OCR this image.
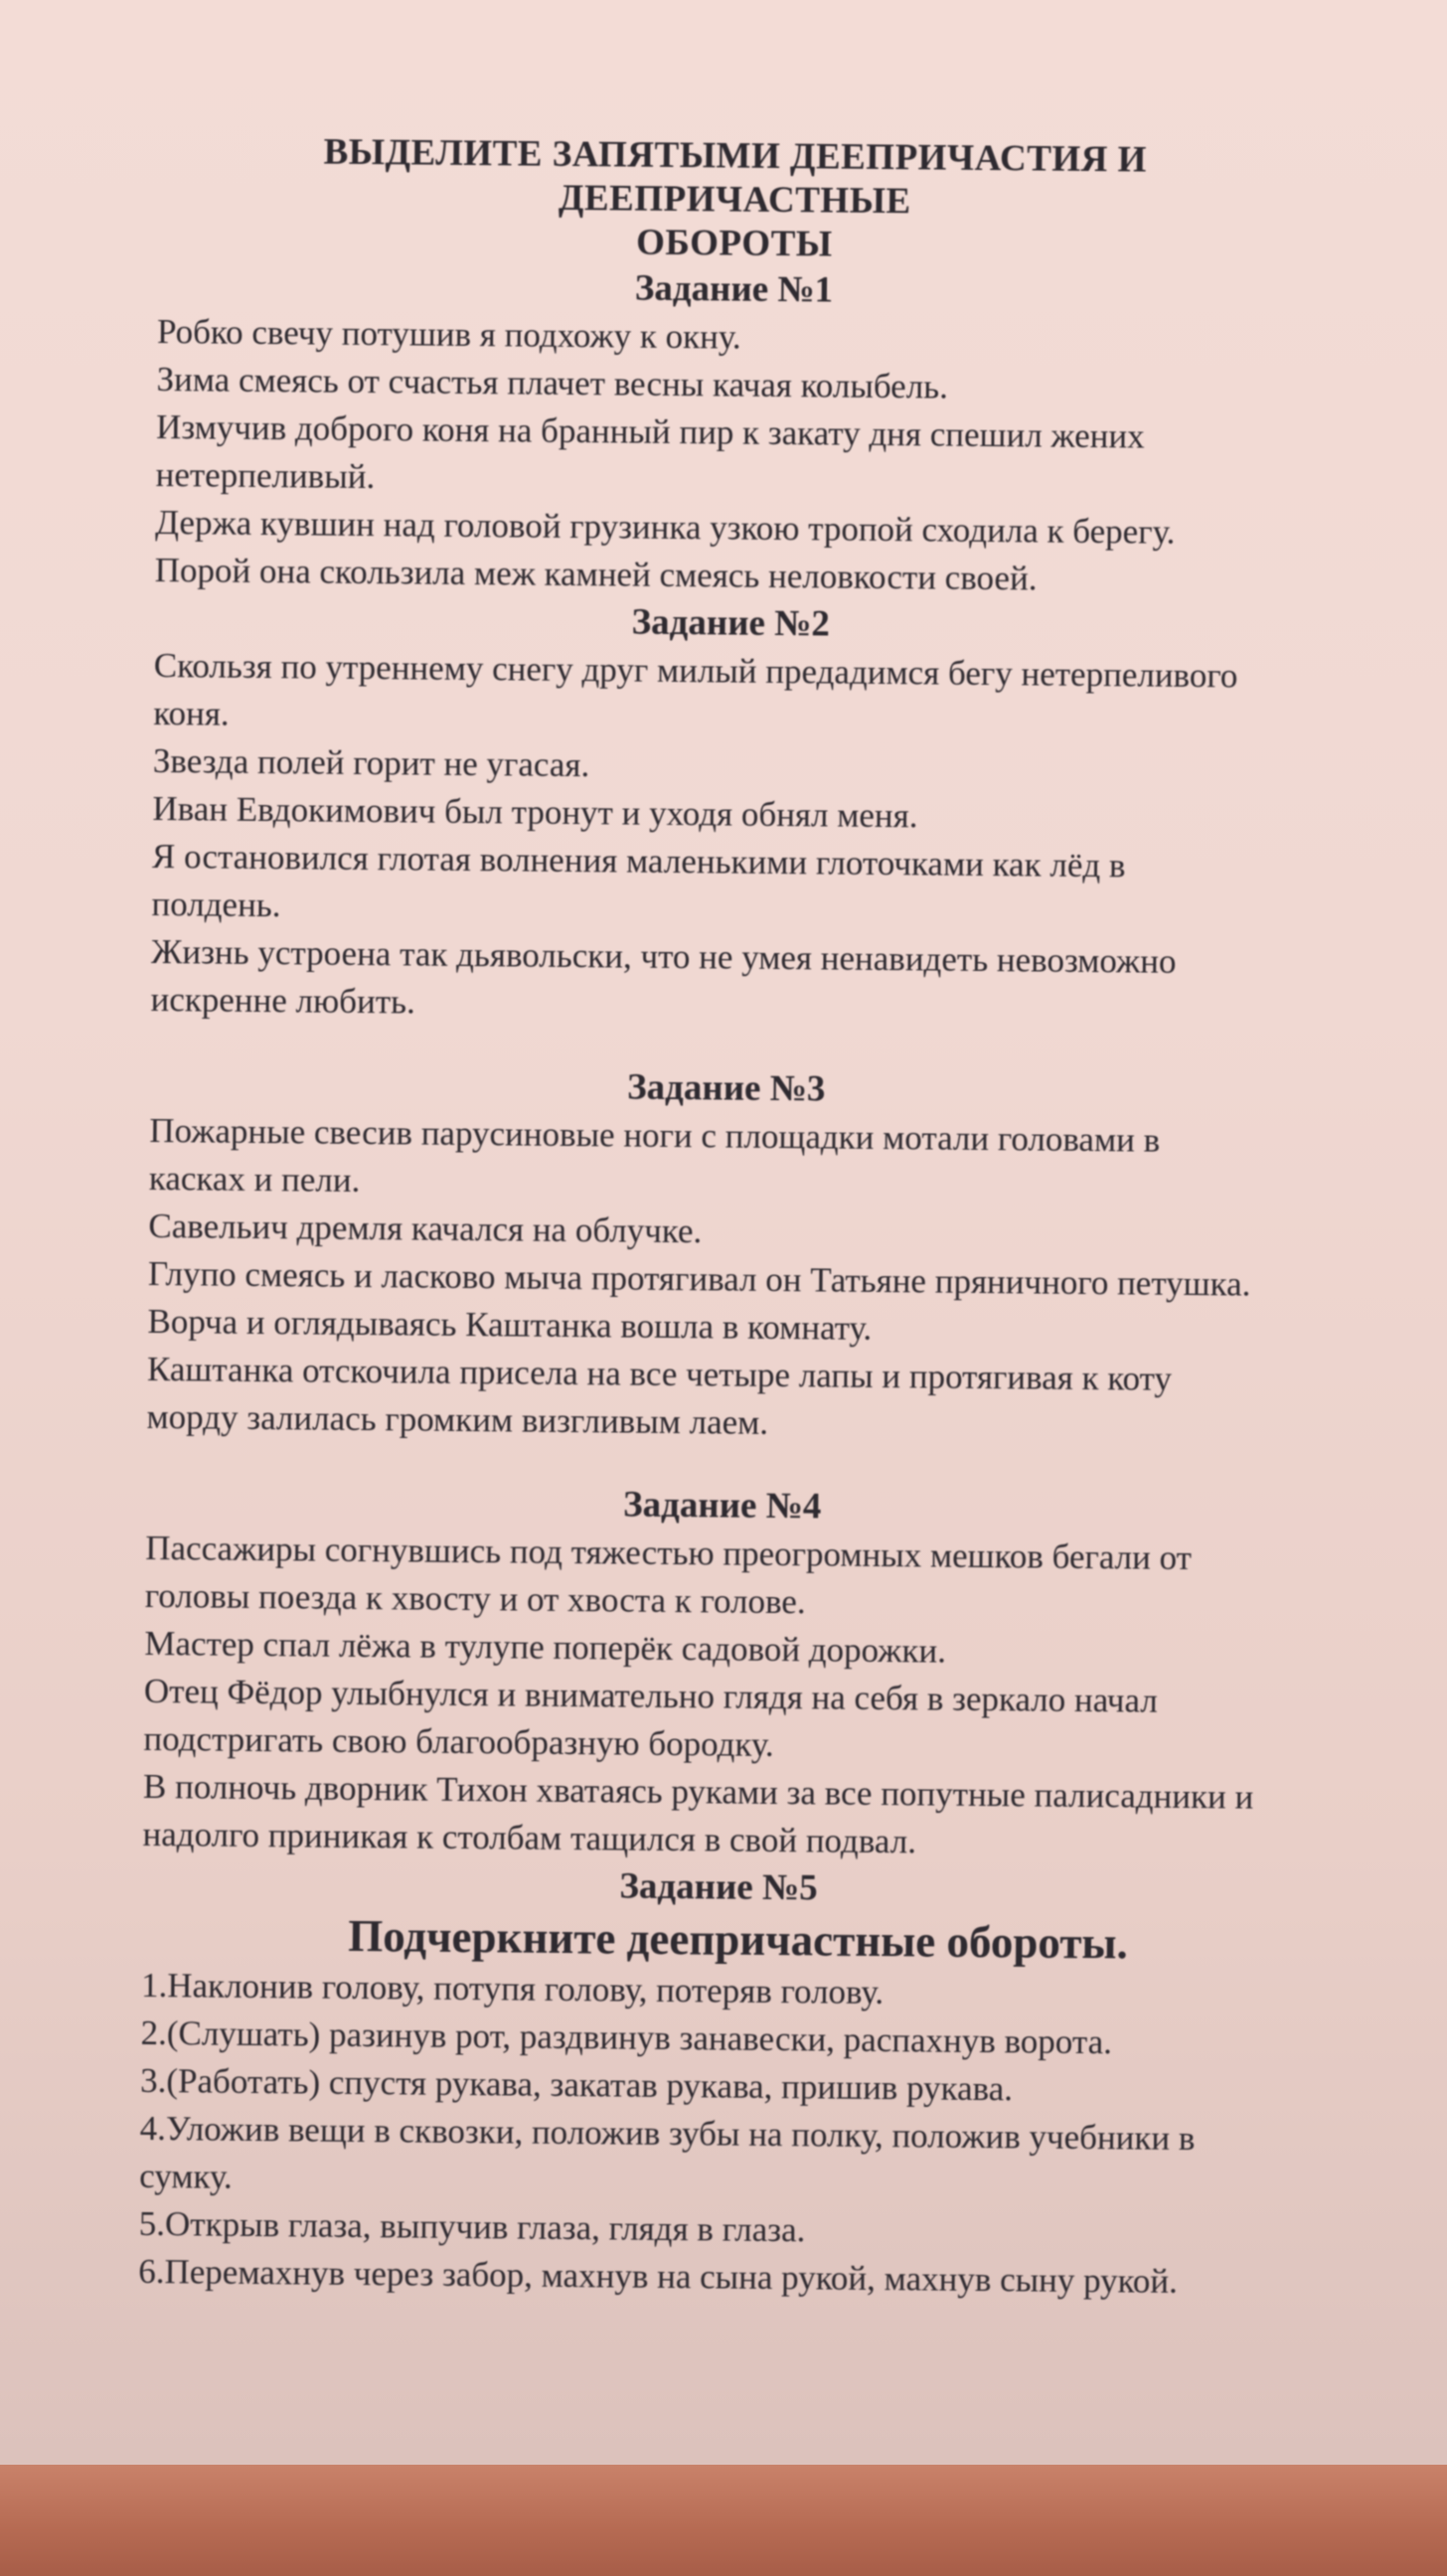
ВЫДЕЛИТЕ ЗАПЯТЫМИ ДЕЕПРИЧАСТИЯ И ДЕЕПРИЧАСТНЫЕ

ОБОРОТЫ

Задание №1

Робко свечу потушив я подхожу к окну.

Зима смеясь от счастья плачет весны качая колыбель.

Измучив доброго коня на бранный пир к закату дня спешил жених

нетерпеливый.

Держа кувшин над головой грузинка узкою тропой сходила к берегу.

Порой она скользила меж камней смеясь неловкости своей.

Задание №2

Скользя по утреннему снегу друг милый предадимся бегу нетерпеливого

коня.

Звезда полей горит не угасая.

Иван Евдокимович был тронут и уходя обнял меня.

Я остановился глотая волнения маленькими глоточками как лёд в

полдень.

Жизнь устроена так дьявольски, что не умея ненавидеть невозможно

искренне любить.

Задание №3

Пожарные свесив парусиновые ноги с площадки мотали головами в

касках и пели.

Савельич дремля качался на облучке.

Глупо смеясь и ласково мыча протягивал он Татьяне пряничного петушка.

Ворча и оглядываясь Каштанка вошла в комнату.

Каштанка отскочила присела на все четыре лапы и протягивая к коту

морду залилась громким визгливым лаем.

Задание №4

Пассажиры согнувшись под тяжестью преогромных мешков бегали от

головы поезда к хвосту и от хвоста к голове.

Мастер спал лёжа в тулупе поперёк садовой дорожки.

Отец Фёдор улыбнулся и внимательно глядя на себя в зеркало начал

подстригать свою благообразную бородку.

В полночь дворник Тихон хватаясь руками за все попутные палисадники и

надолго приникая к столбам тащился в свой подвал.

Задание №5

Подчеркните деепричастные обороты.

1.Наклонив голову, потупя голову, потеряв голову.

2.(Слушать) разинув рот, раздвинув занавески, распахнув ворота.

3.(Работать) спустя рукава, закатав рукава, пришив рукава.

4.Уложив вещи в сквозки, положив зубы на полку, положив учебники в

сумку.

5.Открыв глаза, выпучив глаза, глядя в глаза.

6.Перемахнув через забор, махнув на сына рукой, махнув сыну рукой.
